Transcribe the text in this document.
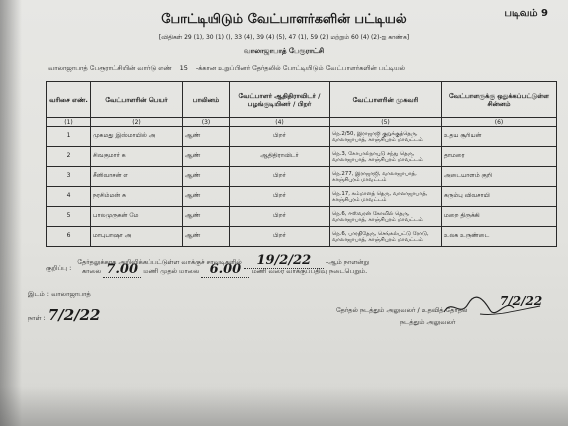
படிவம் 9
போட்டியிடும் வேட்பாளர்களின் பட்டியல்
[விதிகள் 29 (1), 30 (1) (), 33 (4), 39 (4) (5), 47 (1), 59 (2) மற்றும் 60 (4) (2)-ஐ காண்க]
வாலாஜாபாத் பேரூராட்சி
வாலாஜாபாத் பேரூராட்சியின் வார்டு எண் 15 -க்கான உறுப்பினர் தேர்தலில் போட்டியிடும் வேட்பாளர்களின் பட்டியல்
வரிசை எண்.	வேட்பாளரின் பெயர்	பாலினம்	வேட்பாளர் ஆதிதிராவிடர் / பழங்குடியினர் / பிறர்	வேட்பாளரின் முகவரி	வேட்பாளருக்கு ஒதுக்கப்பட்டுள்ள சின்னம்
(1)	(2)	(3)	(4)	(5)	(6)
1	முகமது இஸ்மாயில் அ	ஆண்	பிறர்	நெ.2/50, இராஜாஜி குறுக்குத்தெரு, வாலாஜாபாத், காஞ்சிபுரம் மாவட்டம்	உதய சூரியன்
2	சிவகுமார் க	ஆண்	ஆதிதிராவிடர்	நெ.3, கோபால்நாயுடு சந்து தெரு, வாலாஜாபாத், காஞ்சிபுரம் மாவட்டம்	தாமரை
3	சீனிவாசன் எ	ஆண்	பிறர்	நெ.277, இராஜாஜி, வாலாஜாபாத், காஞ்சிபுரம் மாவட்டம்	அடையாளம் குறி
4	நரசிம்மன் சு	ஆண்	பிறர்	நெ.17, கம்மாளத் தெரு, வாலாஜாபாத், காஞ்சிபுரம் மாவட்டம்	கரும்பு விவசாயி
5	பாலமுருகன் மே	ஆண்	பிறர்	நெ.6, ஈஸ்வரன் கோவில் தெரு, வாலாஜாபாத், காஞ்சிபுரம் மாவட்டம்	மறை திருக்கி
6	மாபுபாஷா அ	ஆண்	பிறர்	நெ.6, பாரதிதேரு, செங்கல்பட்டு ரோடு, வாலாஜாபாத், காஞ்சிபுரம் மாவட்டம்	உலக உருண்டை
குறிப்பு : தேர்தலுக்காக அறிவிக்கப்பட்டுள்ள வாக்குச் சாவடிகளில் 19/2/22 -ஆம் நாளன்று
காலை 7.00 மணி முதல் மாலை 6.00 மணி வரை வாக்குப்பதிவு நடைபெறும்.
இடம் : வாலாஜாபாத்
நாள் : 7/2/22
7/2/22
தேர்தல் நடத்தும் அலுவலர் / உதவித் தேர்தல்
நடத்தும் அலுவலர்
